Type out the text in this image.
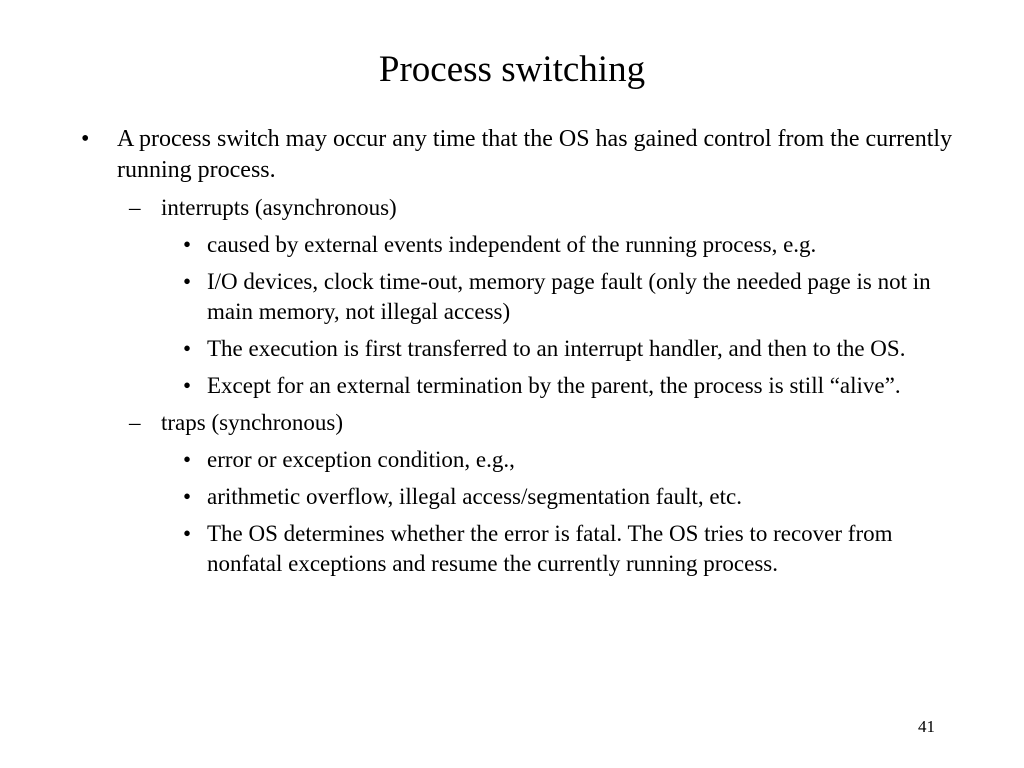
Process switching
• A process switch may occur any time that the OS has gained control from the currently running process.
– interrupts (asynchronous)
• caused by external events independent of the running process, e.g.
• I/O devices, clock time-out, memory page fault (only the needed page is not in main memory, not illegal access)
• The execution is first transferred to an interrupt handler, and then to the OS.
• Except for an external termination by the parent, the process is still “alive”.
– traps (synchronous)
• error or exception condition, e.g.,
• arithmetic overflow, illegal access/segmentation fault, etc.
• The OS determines whether the error is fatal. The OS tries to recover from nonfatal exceptions and resume the currently running process.
41
